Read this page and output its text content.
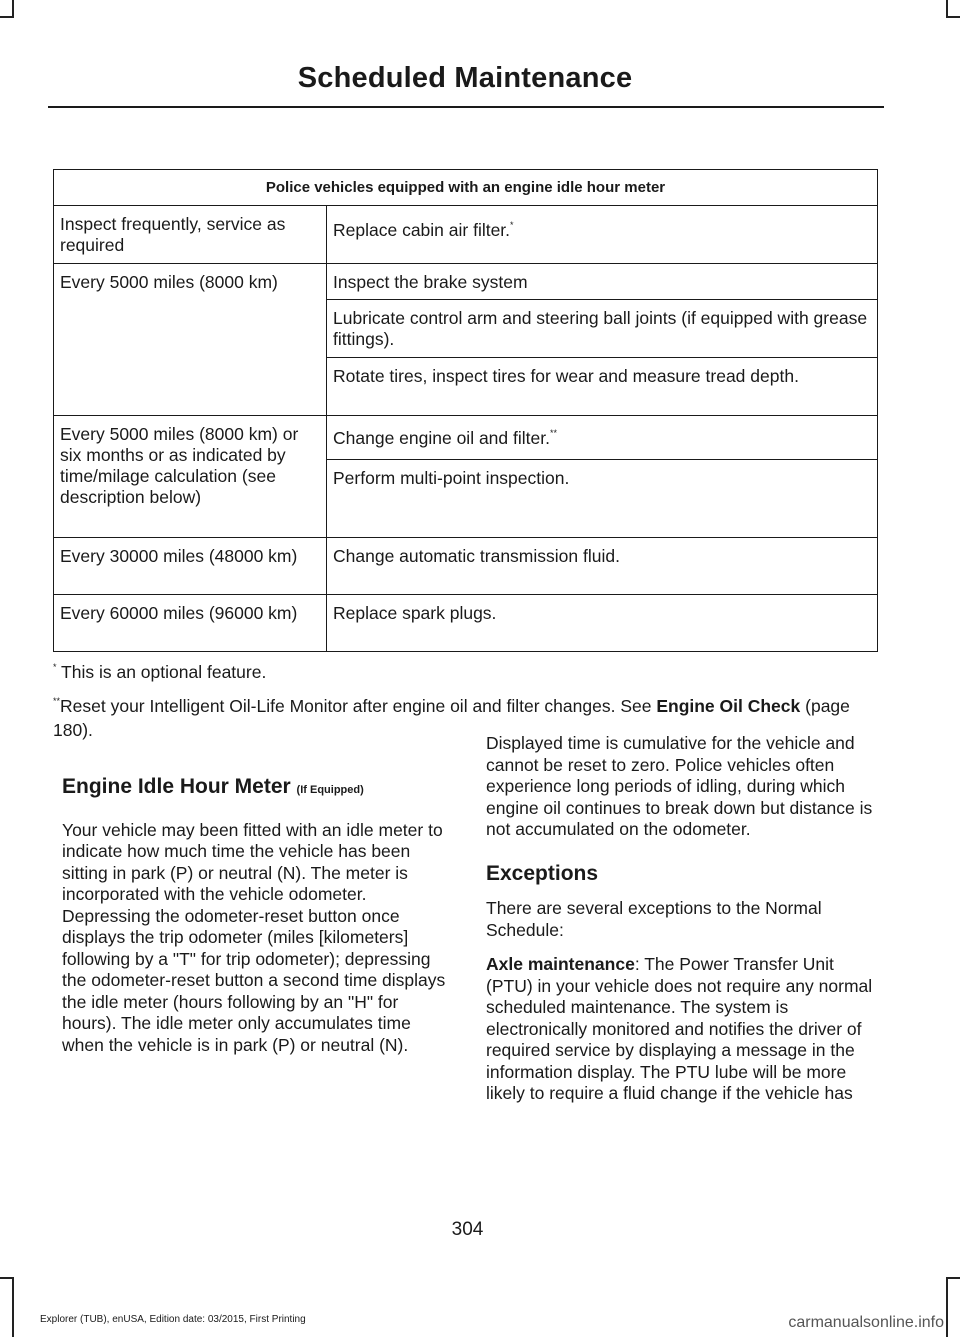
Scheduled Maintenance
Police vehicles equipped with an engine idle hour meter	
Inspect frequently, service as required	Replace cabin air filter.*
Every 5000 miles (8000 km)	Inspect the brake system
	Lubricate control arm and steering ball joints (if equipped with grease fittings).
	Rotate tires, inspect tires for wear and measure tread depth.
Every 5000 miles (8000 km) or six months or as indicated by time/milage calculation (see description below)	Change engine oil and filter.**
	Perform multi-point inspection.
Every 30000 miles (48000 km)	Change automatic transmission fluid.
Every 60000 miles (96000 km)	Replace spark plugs.
* This is an optional feature.
**Reset your Intelligent Oil-Life Monitor after engine oil and filter changes. See Engine Oil Check (page 180).
Engine Idle Hour Meter (If Equipped)

Your vehicle may been fitted with an idle meter to indicate how much time the vehicle has been sitting in park (P) or neutral (N). The meter is incorporated with the vehicle odometer. Depressing the odometer-reset button once displays the trip odometer (miles [kilometers] following by a "T" for trip odometer); depressing the odometer-reset button a second time displays the idle meter (hours following by an "H" for hours). The idle meter only accumulates time when the vehicle is in park (P) or neutral (N).

Displayed time is cumulative for the vehicle and cannot be reset to zero. Police vehicles often experience long periods of idling, during which engine oil continues to break down but distance is not accumulated on the odometer.

Exceptions

There are several exceptions to the Normal Schedule:

Axle maintenance: The Power Transfer Unit (PTU) in your vehicle does not require any normal scheduled maintenance. The system is electronically monitored and notifies the driver of required service by displaying a message in the information display. The PTU lube will be more likely to require a fluid change if the vehicle has

304
Explorer (TUB), enUSA, Edition date: 03/2015, First Printing	carmanualsonline.info
